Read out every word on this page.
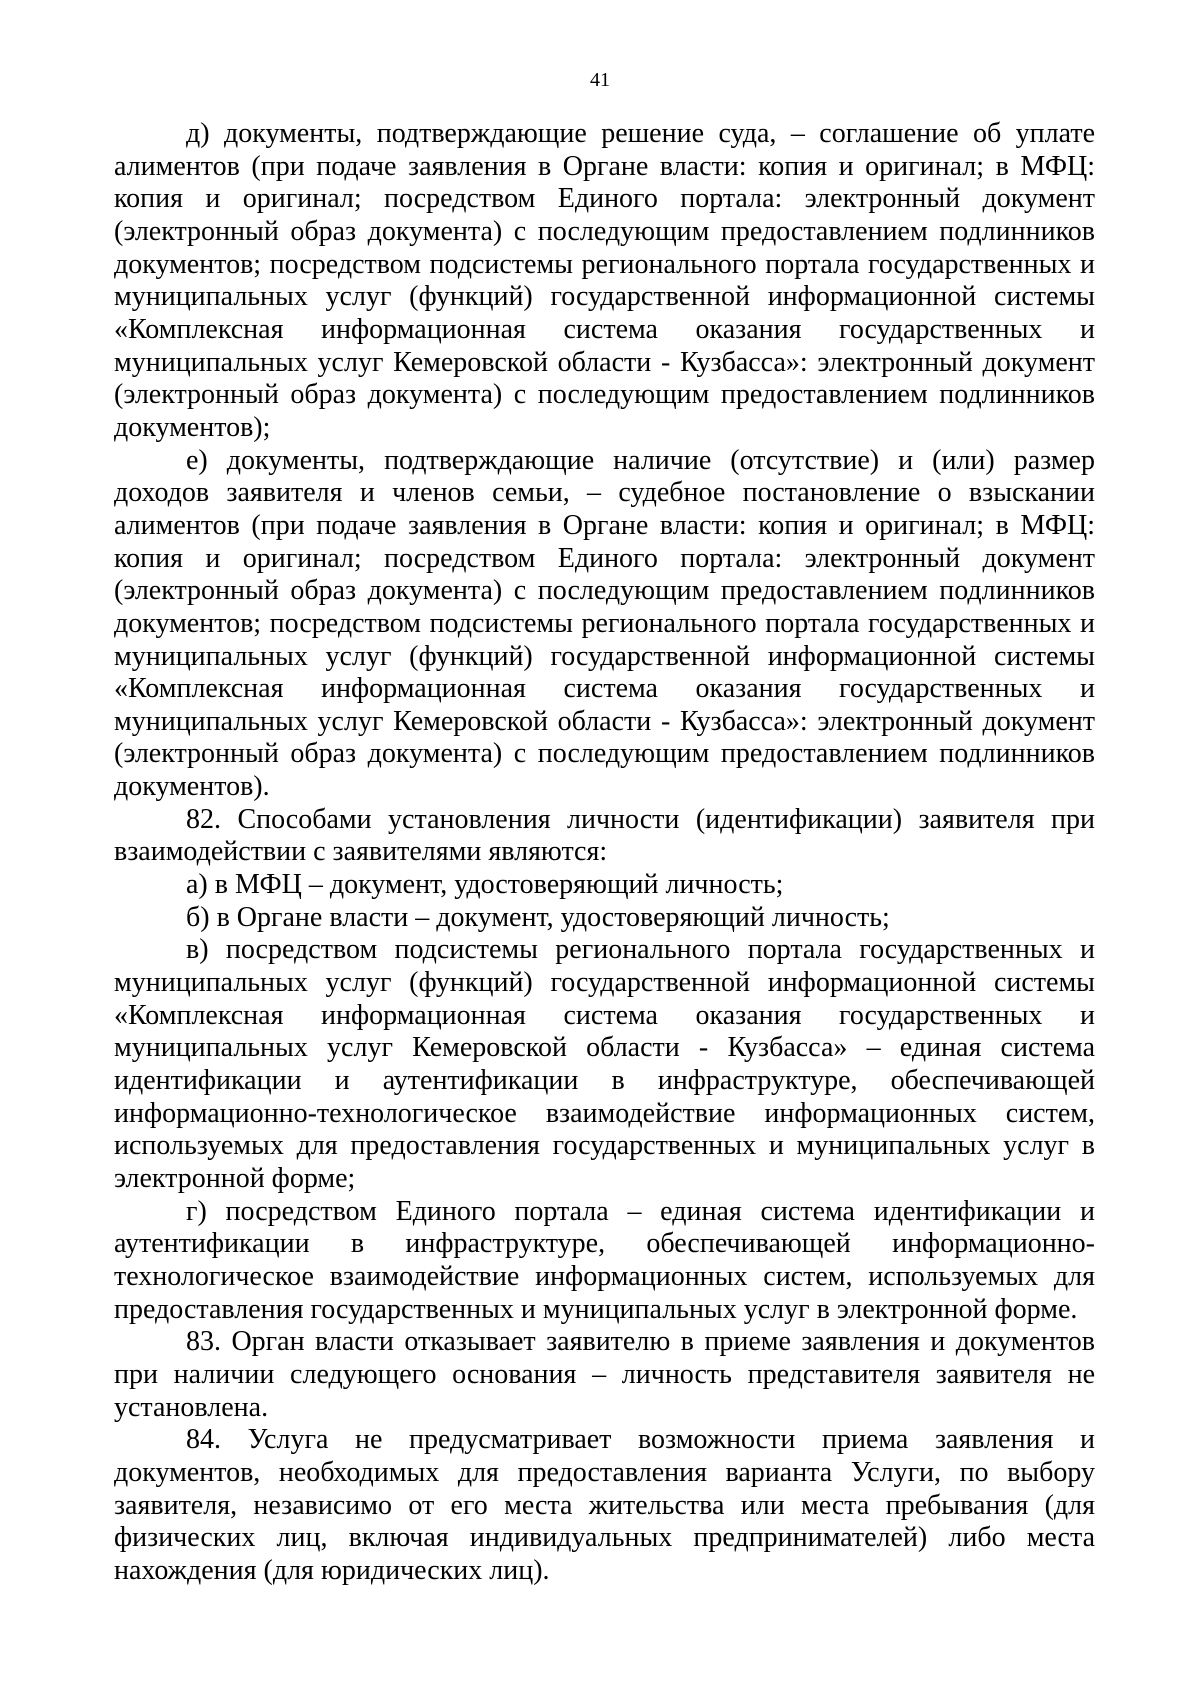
41

д) документы, подтверждающие решение суда, – соглашение об уплате алиментов (при подаче заявления в Органе власти: копия и оригинал; в МФЦ: копия и оригинал; посредством Единого портала: электронный документ (электронный образ документа) с последующим предоставлением подлинников документов; посредством подсистемы регионального портала государственных и муниципальных услуг (функций) государственной информационной системы «Комплексная информационная система оказания государственных и муниципальных услуг Кемеровской области - Кузбасса»: электронный документ (электронный образ документа) с последующим предоставлением подлинников документов);

е) документы, подтверждающие наличие (отсутствие) и (или) размер доходов заявителя и членов семьи, – судебное постановление о взыскании алиментов (при подаче заявления в Органе власти: копия и оригинал; в МФЦ: копия и оригинал; посредством Единого портала: электронный документ (электронный образ документа) с последующим предоставлением подлинников документов; посредством подсистемы регионального портала государственных и муниципальных услуг (функций) государственной информационной системы «Комплексная информационная система оказания государственных и муниципальных услуг Кемеровской области - Кузбасса»: электронный документ (электронный образ документа) с последующим предоставлением подлинников документов).

82. Способами установления личности (идентификации) заявителя при взаимодействии с заявителями являются:

а) в МФЦ – документ, удостоверяющий личность;

б) в Органе власти – документ, удостоверяющий личность;

в) посредством подсистемы регионального портала государственных и муниципальных услуг (функций) государственной информационной системы «Комплексная информационная система оказания государственных и муниципальных услуг Кемеровской области - Кузбасса» – единая система идентификации и аутентификации в инфраструктуре, обеспечивающей информационно-технологическое взаимодействие информационных систем, используемых для предоставления государственных и муниципальных услуг в электронной форме;

г) посредством Единого портала – единая система идентификации и аутентификации в инфраструктуре, обеспечивающей информационно-технологическое взаимодействие информационных систем, используемых для предоставления государственных и муниципальных услуг в электронной форме.

83. Орган власти отказывает заявителю в приеме заявления и документов при наличии следующего основания – личность представителя заявителя не установлена.

84. Услуга не предусматривает возможности приема заявления и документов, необходимых для предоставления варианта Услуги, по выбору заявителя, независимо от его места жительства или места пребывания (для физических лиц, включая индивидуальных предпринимателей) либо места нахождения (для юридических лиц).
